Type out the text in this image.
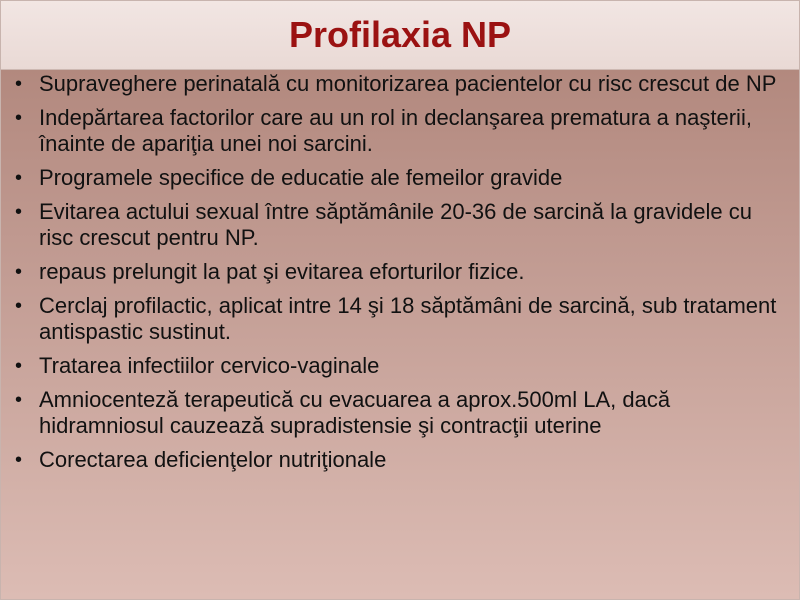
Profilaxia NP
• Supraveghere perinatală cu monitorizarea pacientelor cu risc crescut de NP
• Indepărtarea factorilor care au un rol in declanşarea prematura a naşterii, înainte de apariţia unei noi sarcini.
• Programele specifice de educatie ale femeilor gravide
• Evitarea actului sexual între săptămânile 20-36 de sarcină la gravidele cu risc crescut pentru NP.
• repaus prelungit la pat şi evitarea eforturilor fizice.
• Cerclaj profilactic, aplicat intre 14 şi 18 săptămâni de sarcină, sub tratament antispastic sustinut.
• Tratarea infectiilor cervico-vaginale
• Amniocenteză terapeutică cu evacuarea a aprox.500ml LA, dacă hidramniosul cauzează supradistensie şi contracţii uterine
• Corectarea deficienţelor nutriţionale
